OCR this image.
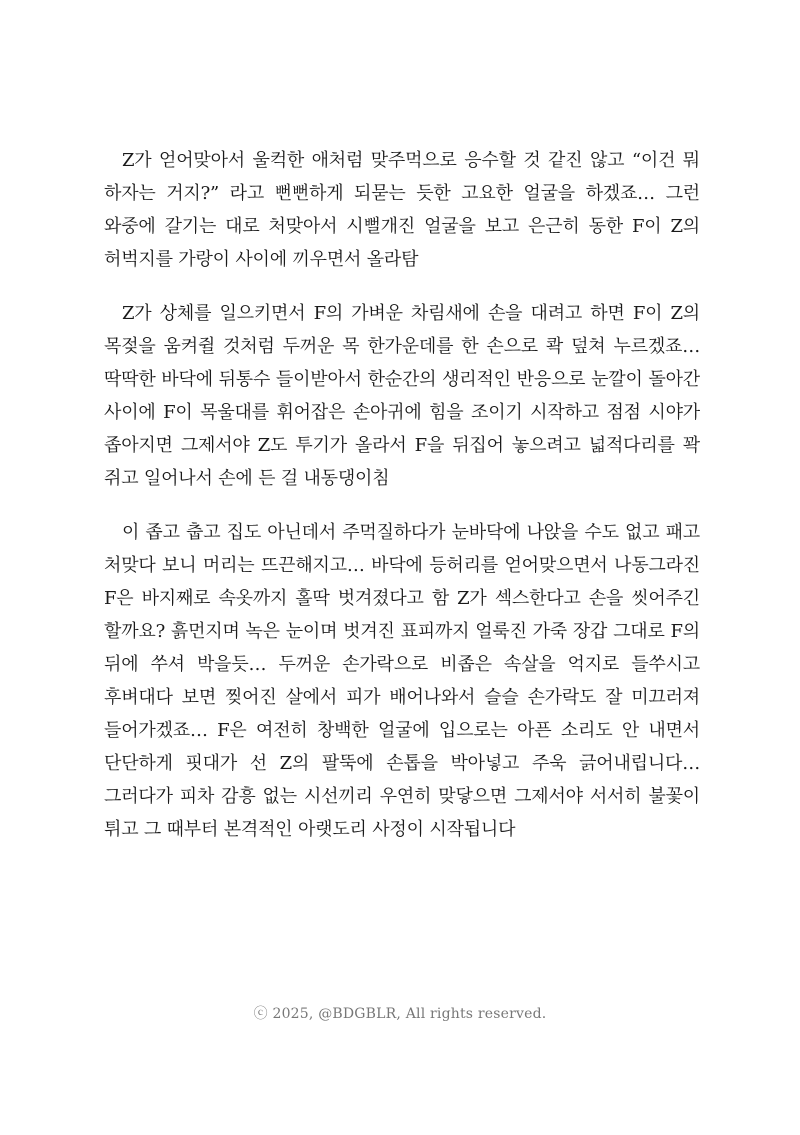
Z가 얻어맞아서 울컥한 애처럼 맞주먹으로 응수할 것 같진 않고 “이건 뭐 하자는 거지?” 라고 뻔뻔하게 되묻는 듯한 고요한 얼굴을 하겠죠… 그런 와중에 갈기는 대로 처맞아서 시뻘개진 얼굴을 보고 은근히 동한 F이 Z의 허벅지를 가랑이 사이에 끼우면서 올라탐

Z가 상체를 일으키면서 F의 가벼운 차림새에 손을 대려고 하면 F이 Z의 목젖을 움켜쥘 것처럼 두꺼운 목 한가운데를 한 손으로 콱 덮쳐 누르겠죠… 딱딱한 바닥에 뒤통수 들이받아서 한순간의 생리적인 반응으로 눈깔이 돌아간 사이에 F이 목울대를 휘어잡은 손아귀에 힘을 조이기 시작하고 점점 시야가 좁아지면 그제서야 Z도 투기가 올라서 F을 뒤집어 놓으려고 넓적다리를 꽉 쥐고 일어나서 손에 든 걸 내동댕이침

이 좁고 춥고 집도 아닌데서 주먹질하다가 눈바닥에 나앉을 수도 없고 패고 처맞다 보니 머리는 뜨끈해지고… 바닥에 등허리를 얻어맞으면서 나동그라진 F은 바지째로 속옷까지 홀딱 벗겨졌다고 함 Z가 섹스한다고 손을 씻어주긴 할까요? 흙먼지며 녹은 눈이며 벗겨진 표피까지 얼룩진 가죽 장갑 그대로 F의 뒤에 쑤셔 박을듯… 두꺼운 손가락으로 비좁은 속살을 억지로 들쑤시고 후벼대다 보면 찢어진 살에서 피가 배어나와서 슬슬 손가락도 잘 미끄러져 들어가겠죠… F은 여전히 창백한 얼굴에 입으로는 아픈 소리도 안 내면서 단단하게 핏대가 선 Z의 팔뚝에 손톱을 박아넣고 주욱 긁어내립니다… 그러다가 피차 감흥 없는 시선끼리 우연히 맞닿으면 그제서야 서서히 불꽃이 튀고 그 때부터 본격적인 아랫도리 사정이 시작됩니다

ⓒ 2025, @BDGBLR, All rights reserved.
